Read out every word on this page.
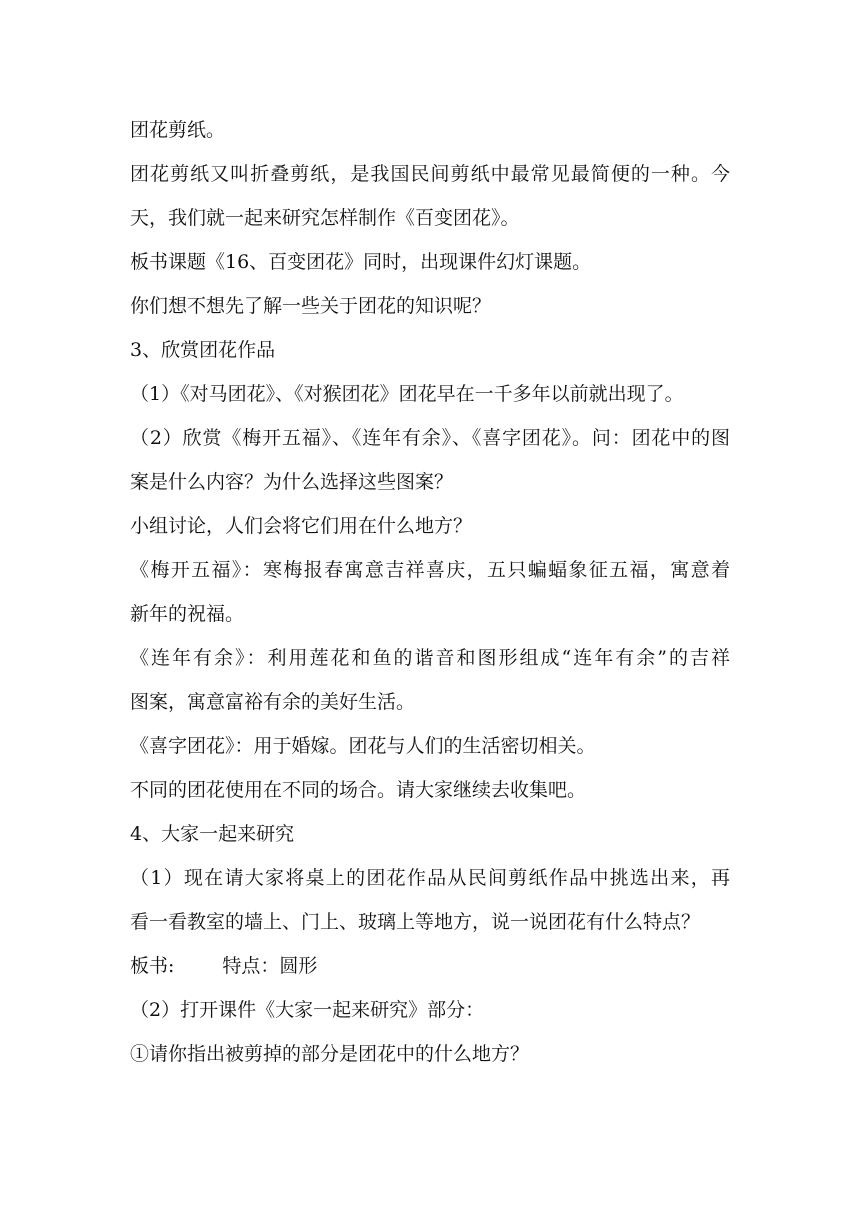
团花剪纸。
团花剪纸又叫折叠剪纸，是我国民间剪纸中最常见最简便的一种。今
天，我们就一起来研究怎样制作《百变团花》。
板书课题《16、百变团花》同时，出现课件幻灯课题。
你们想不想先了解一些关于团花的知识呢？
3、欣赏团花作品
（1）《对马团花》、《对猴团花》团花早在一千多年以前就出现了。
（2）欣赏《梅开五福》、《连年有余》、《喜字团花》。问：团花中的图
案是什么内容？为什么选择这些图案？
小组讨论，人们会将它们用在什么地方？
《梅开五福》：寒梅报春寓意吉祥喜庆，五只蝙蝠象征五福，寓意着
新年的祝福。
《连年有余》：利用莲花和鱼的谐音和图形组成“连年有余”的吉祥
图案，寓意富裕有余的美好生活。
《喜字团花》：用于婚嫁。团花与人们的生活密切相关。
不同的团花使用在不同的场合。请大家继续去收集吧。
4、大家一起来研究
（1）现在请大家将桌上的团花作品从民间剪纸作品中挑选出来，再
看一看教室的墙上、门上、玻璃上等地方，说一说团花有什么特点？
板书:	特点：圆形
（2）打开课件《大家一起来研究》部分：
①请你指出被剪掉的部分是团花中的什么地方？
